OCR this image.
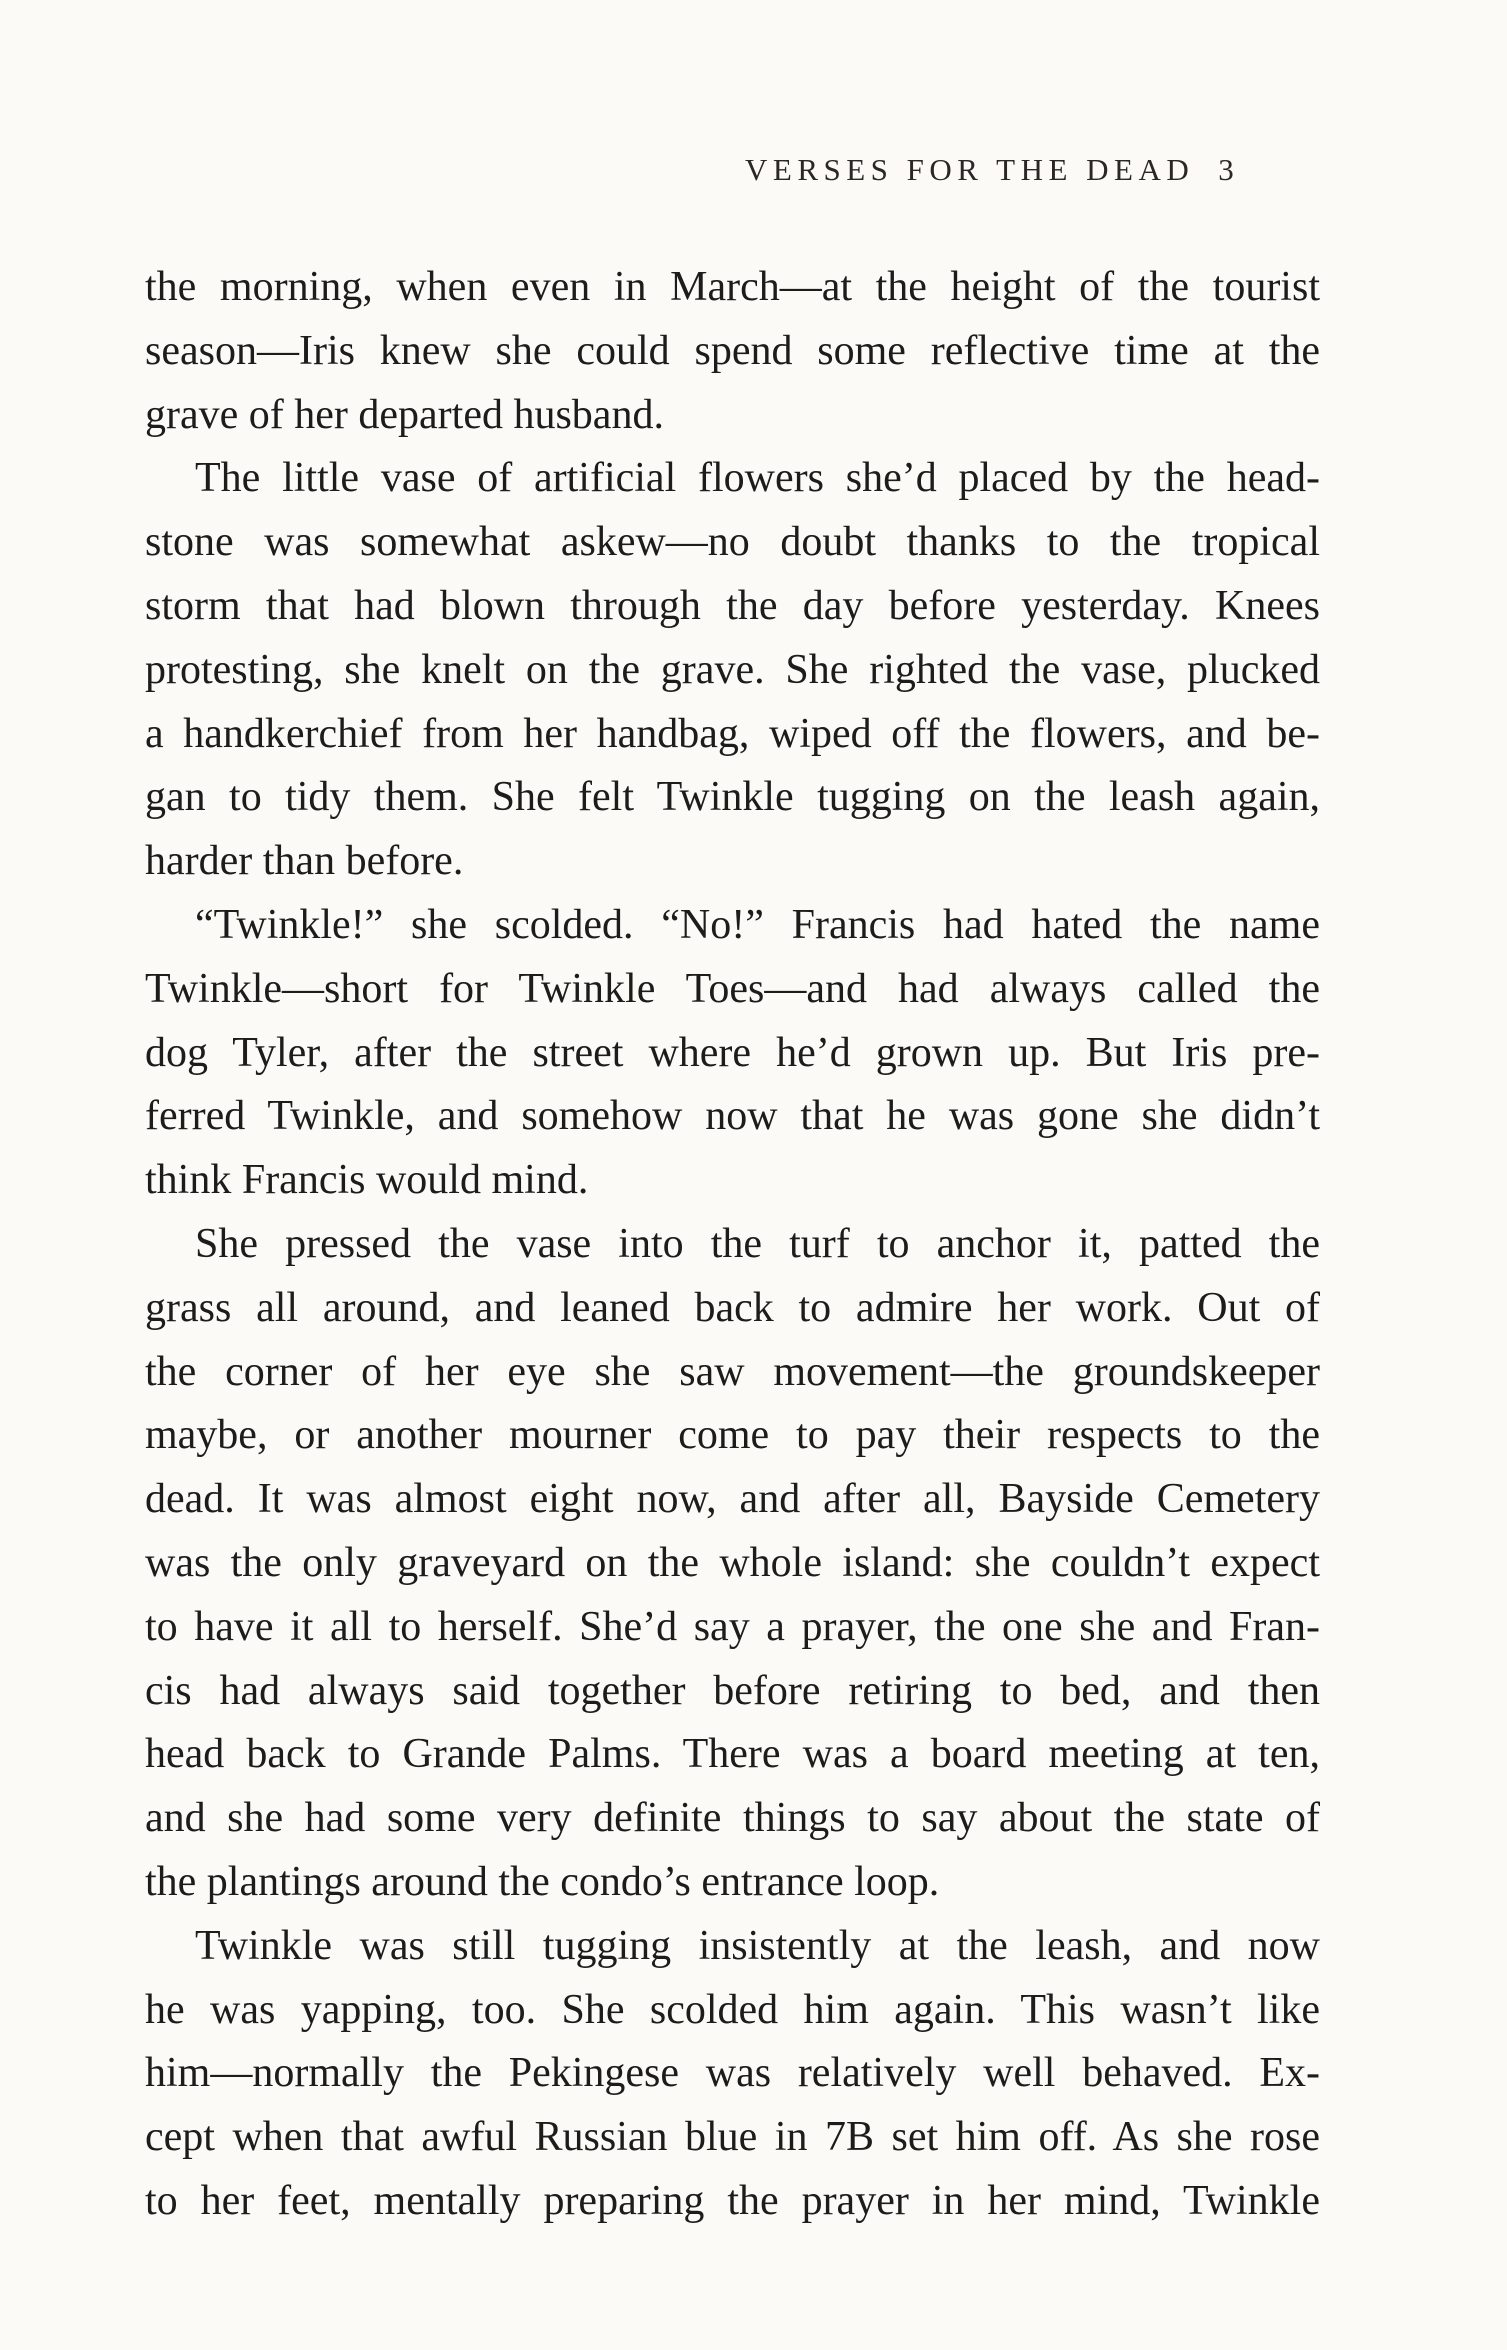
VERSES FOR THE DEAD 3
the morning, when even in March—at the height of the tourist
season—Iris knew she could spend some reflective time at the
grave of her departed husband.
The little vase of artificial flowers she’d placed by the head-
stone was somewhat askew—no doubt thanks to the tropical
storm that had blown through the day before yesterday. Knees
protesting, she knelt on the grave. She righted the vase, plucked
a handkerchief from her handbag, wiped off the flowers, and be-
gan to tidy them. She felt Twinkle tugging on the leash again,
harder than before.
“Twinkle!” she scolded. “No!” Francis had hated the name
Twinkle—short for Twinkle Toes—and had always called the
dog Tyler, after the street where he’d grown up. But Iris pre-
ferred Twinkle, and somehow now that he was gone she didn’t
think Francis would mind.
She pressed the vase into the turf to anchor it, patted the
grass all around, and leaned back to admire her work. Out of
the corner of her eye she saw movement—the groundskeeper
maybe, or another mourner come to pay their respects to the
dead. It was almost eight now, and after all, Bayside Cemetery
was the only graveyard on the whole island: she couldn’t expect
to have it all to herself. She’d say a prayer, the one she and Fran-
cis had always said together before retiring to bed, and then
head back to Grande Palms. There was a board meeting at ten,
and she had some very definite things to say about the state of
the plantings around the condo’s entrance loop.
Twinkle was still tugging insistently at the leash, and now
he was yapping, too. She scolded him again. This wasn’t like
him—normally the Pekingese was relatively well behaved. Ex-
cept when that awful Russian blue in 7B set him off. As she rose
to her feet, mentally preparing the prayer in her mind, Twinkle
